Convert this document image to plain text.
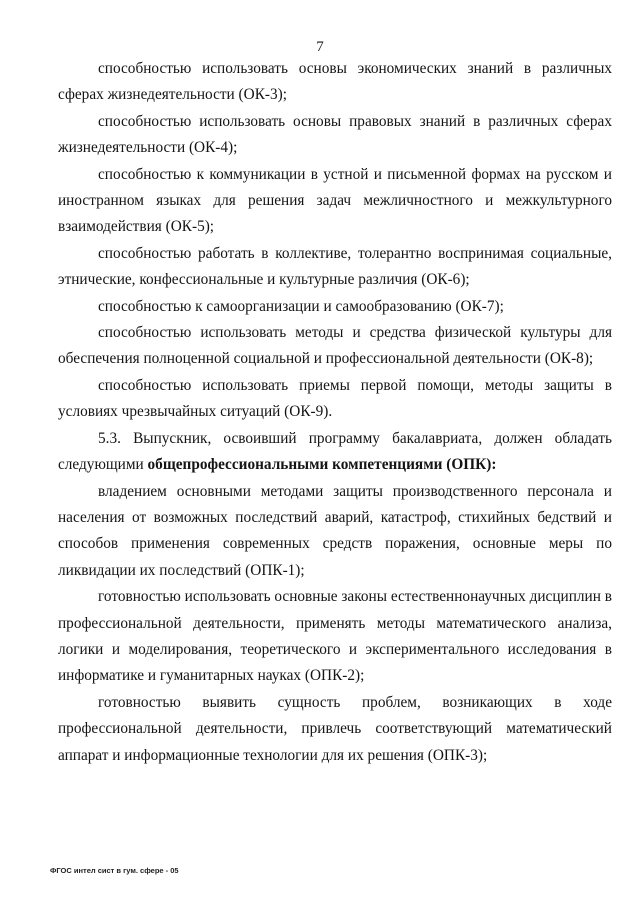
7

способностью использовать основы экономических знаний в различных сферах жизнедеятельности (ОК-3);

способностью использовать основы правовых знаний в различных сферах жизнедеятельности (ОК-4);

способностью к коммуникации в устной и письменной формах на русском и иностранном языках для решения задач межличностного и межкультурного взаимодействия (ОК-5);

способностью работать в коллективе, толерантно воспринимая социальные, этнические, конфессиональные и культурные различия (ОК-6);

способностью к самоорганизации и самообразованию (ОК-7);

способностью использовать методы и средства физической культуры для обеспечения полноценной социальной и профессиональной деятельности (ОК-8);

способностью использовать приемы первой помощи, методы защиты в условиях чрезвычайных ситуаций (ОК-9).

5.3. Выпускник, освоивший программу бакалавриата, должен обладать следующими общепрофессиональными компетенциями (ОПК):

владением основными методами защиты производственного персонала и населения от возможных последствий аварий, катастроф, стихийных бедствий и способов применения современных средств поражения, основные меры по ликвидации их последствий (ОПК-1);

готовностью использовать основные законы естественнонаучных дисциплин в профессиональной деятельности, применять методы математического анализа, логики и моделирования, теоретического и экспериментального исследования в информатике и гуманитарных науках (ОПК-2);

готовностью выявить сущность проблем, возникающих в ходе профессиональной деятельности, привлечь соответствующий математический аппарат и информационные технологии для их решения (ОПК-3);

ФГОС интел сист в гум. сфере - 05
